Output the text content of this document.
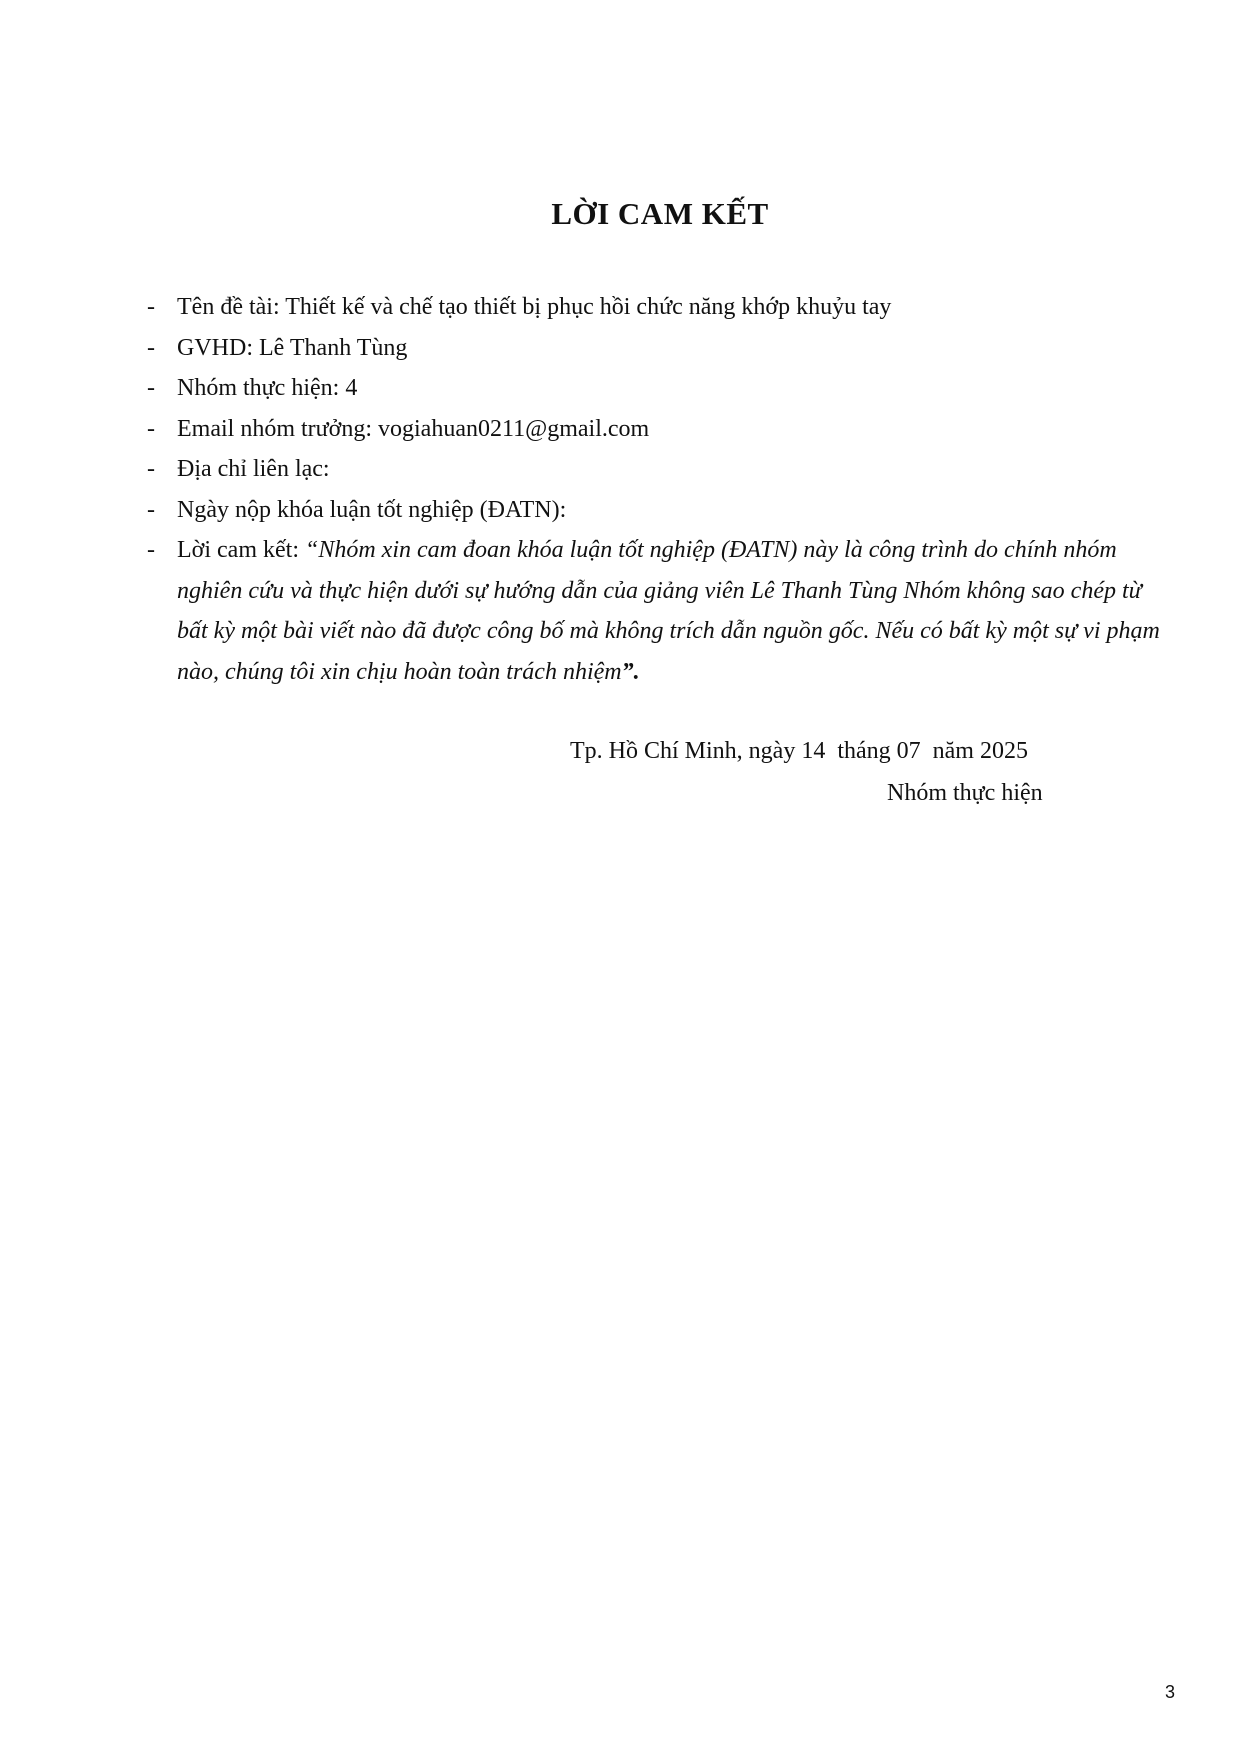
LỜI CAM KẾT
- Tên đề tài: Thiết kế và chế tạo thiết bị phục hồi chức năng khớp khuỷu tay
- GVHD: Lê Thanh Tùng
- Nhóm thực hiện: 4
- Email nhóm trưởng: vogiahuan0211@gmail.com
- Địa chỉ liên lạc:
- Ngày nộp khóa luận tốt nghiệp (ĐATN):
- Lời cam kết: “Nhóm xin cam đoan khóa luận tốt nghiệp (ĐATN) này là công trình do chính nhóm nghiên cứu và thực hiện dưới sự hướng dẫn của giảng viên Lê Thanh Tùng Nhóm không sao chép từ bất kỳ một bài viết nào đã được công bố mà không trích dẫn nguồn gốc. Nếu có bất kỳ một sự vi phạm nào, chúng tôi xin chịu hoàn toàn trách nhiệm”.
Tp. Hồ Chí Minh, ngày 14  tháng 07  năm 2025
Nhóm thực hiện
3
